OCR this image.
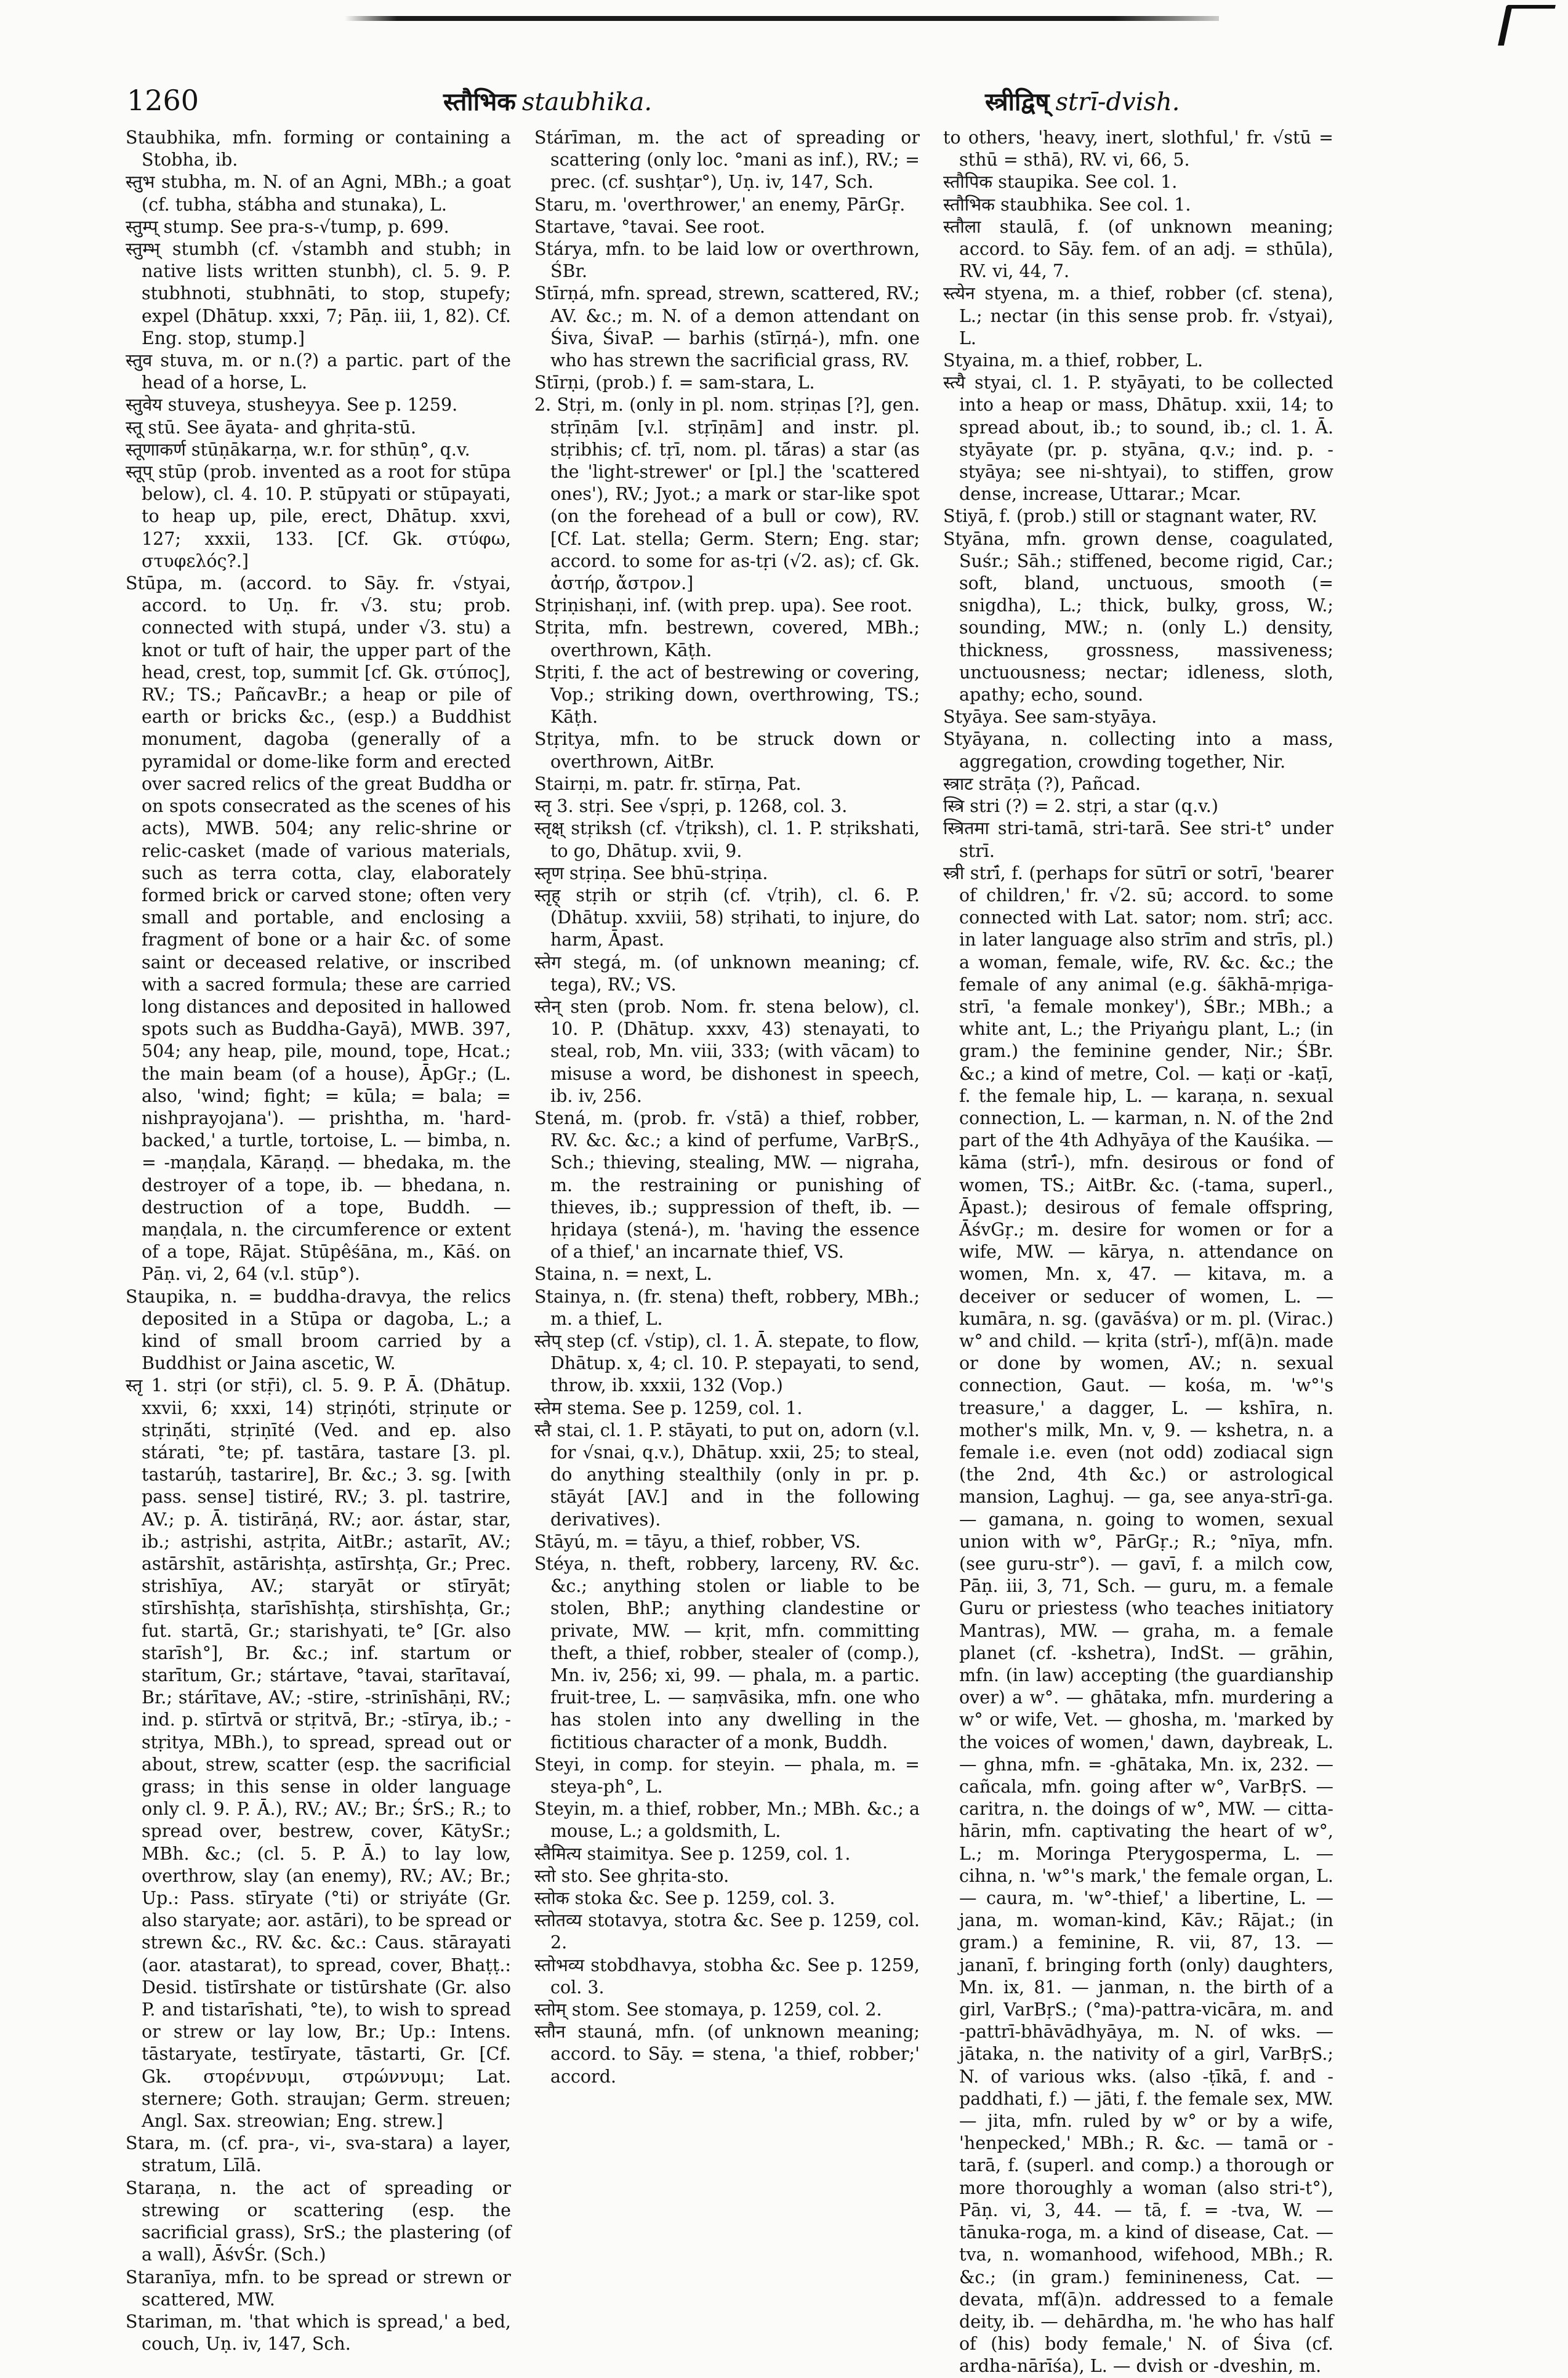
1260	स्तौभिक staubhika.	स्त्रीद्विष् strī-dvish.

Staubhika, mfn. forming or containing a Stobha, ib.

स्तुभ stubha, m. N. of an Agni, MBh.; a goat (cf. tubha, stábha and stunaka), L.

स्तुम्प् stump. See pra-s-√tump, p. 699.

स्तुम्भ् stumbh (cf. √stambh and stubh; in native lists written stunbh), cl. 5. 9. P. stubhnoti, stubhnāti, to stop, stupefy; expel (Dhātup. xxxi, 7; Pāṇ. iii, 1, 82). Cf. Eng. stop, stump.]

स्तुव stuva, m. or n.(?) a partic. part of the head of a horse, L.

स्तुवेय stuveya, stusheyya. See p. 1259.

स्तू stū. See āyata- and ghṛita-stū.

स्तूणाकर्ण stūṇākarṇa, w.r. for sthūṇ°, q.v.

स्तूप् stūp (prob. invented as a root for stūpa below), cl. 4. 10. P. stūpyati or stūpayati, to heap up, pile, erect, Dhātup. xxvi, 127; xxxii, 133. [Cf. Gk. στύφω, στυφελός?.]

Stūpa, m. (accord. to Sāy. fr. √styai, accord. to Uṇ. fr. √3. stu; prob. connected with stupá, under √3. stu) a knot or tuft of hair, the upper part of the head, crest, top, summit [cf. Gk. στύπος], RV.; TS.; PañcavBr.; a heap or pile of earth or bricks &c., (esp.) a Buddhist monument, dagoba (generally of a pyramidal or dome-like form and erected over sacred relics of the great Buddha or on spots consecrated as the scenes of his acts), MWB. 504; any relic-shrine or relic-casket (made of various materials, such as terra cotta, clay, elaborately formed brick or carved stone; often very small and portable, and enclosing a fragment of bone or a hair &c. of some saint or deceased relative, or inscribed with a sacred formula; these are carried long distances and deposited in hallowed spots such as Buddha-Gayā), MWB. 397, 504; any heap, pile, mound, tope, Hcat.; the main beam (of a house), ĀpGṛ.; (L. also, 'wind; fight; = kūla; = bala; = nishprayojana'). — prishtha, m. 'hard-backed,' a turtle, tortoise, L. — bimba, n. = -maṇḍala, Kāraṇḍ. — bhedaka, m. the destroyer of a tope, ib. — bhedana, n. destruction of a tope, Buddh. — maṇḍala, n. the circumference or extent of a tope, Rājat. Stūpêśāna, m., Kāś. on Pāṇ. vi, 2, 64 (v.l. stūp°).

Staupika, n. = buddha-dravya, the relics deposited in a Stūpa or dagoba, L.; a kind of small broom carried by a Buddhist or Jaina ascetic, W.

स्तृ 1. stṛi (or stṝi), cl. 5. 9. P. Ā. (Dhātup. xxvii, 6; xxxi, 14) stṛiṇóti, stṛiṇute or stṛiṇā́ti, stṛiṇīté (Ved. and ep. also stárati, °te; pf. tastāra, tastare [3. pl. tastarúḥ, tastarire], Br. &c.; 3. sg. [with pass. sense] tistiré, RV.; 3. pl. tastrire, AV.; p. Ā. tistirāṇá, RV.; aor. ástar, star, ib.; astṛishi, astṛita, AitBr.; astarīt, AV.; astārshīt, astārishṭa, astīrshṭa, Gr.; Prec. strishīya, AV.; staryāt or stīryāt; stīrshīshṭa, starīshīshṭa, stirshīshṭa, Gr.; fut. startā, Gr.; starishyati, te° [Gr. also starīsh°], Br. &c.; inf. startum or starītum, Gr.; stártave, °tavai, starītavaí, Br.; stárītave, AV.; -stire, -strinīshāṇi, RV.; ind. p. stīrtvā or stṛitvā, Br.; -stīrya, ib.; -stṛitya, MBh.), to spread, spread out or about, strew, scatter (esp. the sacrificial grass; in this sense in older language only cl. 9. P. Ā.), RV.; AV.; Br.; ŚrS.; R.; to spread over, bestrew, cover, KātySr.; MBh. &c.; (cl. 5. P. Ā.) to lay low, overthrow, slay (an enemy), RV.; AV.; Br.; Up.: Pass. stīryate (°ti) or striyáte (Gr. also staryate; aor. astāri), to be spread or strewn &c., RV. &c. &c.: Caus. stārayati (aor. atastarat), to spread, cover, Bhaṭṭ.: Desid. tistīrshate or tistūrshate (Gr. also P. and tistarīshati, °te), to wish to spread or strew or lay low, Br.; Up.: Intens. tāstaryate, testīryate, tāstarti, Gr. [Cf. Gk. στορέννυμι, στρώννυμι; Lat. sternere; Goth. straujan; Germ. streuen; Angl. Sax. streowian; Eng. strew.]

Stara, m. (cf. pra-, vi-, sva-stara) a layer, stratum, Līlā.

Staraṇa, n. the act of spreading or strewing or scattering (esp. the sacrificial grass), SrS.; the plastering (of a wall), ĀśvŚr. (Sch.)

Staranīya, mfn. to be spread or strewn or scattered, MW.

Stariman, m. 'that which is spread,' a bed, couch, Uṇ. iv, 147, Sch.

Stárīman, m. the act of spreading or scattering (only loc. °mani as inf.), RV.; = prec. (cf. sushṭar°), Uṇ. iv, 147, Sch.

Staru, m. 'overthrower,' an enemy, PārGṛ.

Startave, °tavai. See root.

Stárya, mfn. to be laid low or overthrown, ŚBr.

Stīrṇá, mfn. spread, strewn, scattered, RV.; AV. &c.; m. N. of a demon attendant on Śiva, ŚivaP. — barhis (stīrṇá-), mfn. one who has strewn the sacrificial grass, RV.

Stīrṇi, (prob.) f. = sam-stara, L.

2. Stṛi, m. (only in pl. nom. stṛiṇas [?], gen. stṛīṇām [v.l. stṛīṇām] and instr. pl. stṛibhis; cf. tṛī, nom. pl. tā́ras) a star (as the 'light-strewer' or [pl.] the 'scattered ones'), RV.; Jyot.; a mark or star-like spot (on the forehead of a bull or cow), RV. [Cf. Lat. stella; Germ. Stern; Eng. star; accord. to some for as-tṛi (√2. as); cf. Gk. ἀστήρ, ἄστρον.]

Stṛiṇishaṇi, inf. (with prep. upa). See root.

Stṛita, mfn. bestrewn, covered, MBh.; overthrown, Kāṭh.

Stṛiti, f. the act of bestrewing or covering, Vop.; striking down, overthrowing, TS.; Kāṭh.

Stṛitya, mfn. to be struck down or overthrown, AitBr.

Stairṇi, m. patr. fr. stīrṇa, Pat.

स्तृ 3. stṛi. See √spṛi, p. 1268, col. 3.

स्तृक्ष् stṛiksh (cf. √tṛiksh), cl. 1. P. stṛikshati, to go, Dhātup. xvii, 9.

स्तृण stṛiṇa. See bhū-stṛiṇa.

स्तृह् stṛih or stṛih (cf. √tṛih), cl. 6. P. (Dhātup. xxviii, 58) stṛihati, to injure, do harm, Āpast.

स्तेग stegá, m. (of unknown meaning; cf. tega), RV.; VS.

स्तेन् sten (prob. Nom. fr. stena below), cl. 10. P. (Dhātup. xxxv, 43) stenayati, to steal, rob, Mn. viii, 333; (with vācam) to misuse a word, be dishonest in speech, ib. iv, 256.

Stená, m. (prob. fr. √stā) a thief, robber, RV. &c. &c.; a kind of perfume, VarBṛS., Sch.; thieving, stealing, MW. — nigraha, m. the restraining or punishing of thieves, ib.; suppression of theft, ib. — hṛidaya (stená-), m. 'having the essence of a thief,' an incarnate thief, VS.

Staina, n. = next, L.

Stainya, n. (fr. stena) theft, robbery, MBh.; m. a thief, L.

स्तेप् step (cf. √stip), cl. 1. Ā. stepate, to flow, Dhātup. x, 4; cl. 10. P. stepayati, to send, throw, ib. xxxii, 132 (Vop.)

स्तेम stema. See p. 1259, col. 1.

स्तै stai, cl. 1. P. stāyati, to put on, adorn (v.l. for √snai, q.v.), Dhātup. xxii, 25; to steal, do anything stealthily (only in pr. p. stāyát [AV.] and in the following derivatives).

Stāyú, m. = tāyu, a thief, robber, VS.

Stéya, n. theft, robbery, larceny, RV. &c. &c.; anything stolen or liable to be stolen, BhP.; anything clandestine or private, MW. — kṛit, mfn. committing theft, a thief, robber, stealer of (comp.), Mn. iv, 256; xi, 99. — phala, m. a partic. fruit-tree, L. — saṃvāsika, mfn. one who has stolen into any dwelling in the fictitious character of a monk, Buddh.

Steyi, in comp. for steyin. — phala, m. = steya-ph°, L.

Steyin, m. a thief, robber, Mn.; MBh. &c.; a mouse, L.; a goldsmith, L.

स्तैमित्य staimitya. See p. 1259, col. 1.

स्तो sto. See ghṛita-sto.

स्तोक stoka &c. See p. 1259, col. 3.

स्तोतव्य stotavya, stotra &c. See p. 1259, col. 2.

स्तोभव्य stobdhavya, stobha &c. See p. 1259, col. 3.

स्तोम् stom. See stomaya, p. 1259, col. 2.

स्तौन stauná, mfn. (of unknown meaning; accord. to Sāy. = stena, 'a thief, robber;' accord.

to others, 'heavy, inert, slothful,' fr. √stū = sthū = sthā), RV. vi, 66, 5.

स्तौपिक staupika. See col. 1.

स्तौभिक staubhika. See col. 1.

स्तौला staulā, f. (of unknown meaning; accord. to Sāy. fem. of an adj. = sthūla), RV. vi, 44, 7.

स्त्येन styena, m. a thief, robber (cf. stena), L.; nectar (in this sense prob. fr. √styai), L.

Styaina, m. a thief, robber, L.

स्त्यै styai, cl. 1. P. styāyati, to be collected into a heap or mass, Dhātup. xxii, 14; to spread about, ib.; to sound, ib.; cl. 1. Ā. styāyate (pr. p. styāna, q.v.; ind. p. -styāya; see ni-shtyai), to stiffen, grow dense, increase, Uttarar.; Mcar.

Stiyā, f. (prob.) still or stagnant water, RV.

Styāna, mfn. grown dense, coagulated, Suśr.; Sāh.; stiffened, become rigid, Car.; soft, bland, unctuous, smooth (= snigdha), L.; thick, bulky, gross, W.; sounding, MW.; n. (only L.) density, thickness, grossness, massiveness; unctuousness; nectar; idleness, sloth, apathy; echo, sound.

Styāya. See sam-styāya.

Styāyana, n. collecting into a mass, aggregation, crowding together, Nir.

स्त्राट strāṭa (?), Pañcad.

स्त्रि stri (?) = 2. stṛi, a star (q.v.)

स्त्रितमा stri-tamā, stri-tarā. See stri-t° under strī.

स्त्री strī́, f. (perhaps for sūtrī or sotrī, 'bearer of children,' fr. √2. sū; accord. to some connected with Lat. sator; nom. strī́; acc. in later language also strīm and strīs, pl.) a woman, female, wife, RV. &c. &c.; the female of any animal (e.g. śākhā-mṛiga-strī, 'a female monkey'), ŚBr.; MBh.; a white ant, L.; the Priyaṅgu plant, L.; (in gram.) the feminine gender, Nir.; ŚBr. &c.; a kind of metre, Col. — kaṭi or -kaṭī, f. the female hip, L. — karaṇa, n. sexual connection, L. — karman, n. N. of the 2nd part of the 4th Adhyāya of the Kauśika. — kāma (strī́-), mfn. desirous or fond of women, TS.; AitBr. &c. (-tama, superl., Āpast.); desirous of female offspring, ĀśvGṛ.; m. desire for women or for a wife, MW. — kārya, n. attendance on women, Mn. x, 47. — kitava, m. a deceiver or seducer of women, L. — kumāra, n. sg. (gavāśva) or m. pl. (Virac.) w° and child. — kṛita (strī́-), mf(ā)n. made or done by women, AV.; n. sexual connection, Gaut. — kośa, m. 'w°'s treasure,' a dagger, L. — kshīra, n. mother's milk, Mn. v, 9. — kshetra, n. a female i.e. even (not odd) zodiacal sign (the 2nd, 4th &c.) or astrological mansion, Laghuj. — ga, see anya-strī-ga. — gamana, n. going to women, sexual union with w°, PārGṛ.; R.; °nīya, mfn. (see guru-str°). — gavī, f. a milch cow, Pāṇ. iii, 3, 71, Sch. — guru, m. a female Guru or priestess (who teaches initiatory Mantras), MW. — graha, m. a female planet (cf. -kshetra), IndSt. — grāhin, mfn. (in law) accepting (the guardianship over) a w°. — ghātaka, mfn. murdering a w° or wife, Vet. — ghosha, m. 'marked by the voices of women,' dawn, daybreak, L. — ghna, mfn. = -ghātaka, Mn. ix, 232. — cañcala, mfn. going after w°, VarBṛS. — caritra, n. the doings of w°, MW. — citta-hārin, mfn. captivating the heart of w°, L.; m. Moringa Pterygosperma, L. — cihna, n. 'w°'s mark,' the female organ, L. — caura, m. 'w°-thief,' a libertine, L. — jana, m. woman-kind, Kāv.; Rājat.; (in gram.) a feminine, R. vii, 87, 13. — jananī, f. bringing forth (only) daughters, Mn. ix, 81. — janman, n. the birth of a girl, VarBṛS.; (°ma)-pattra-vicāra, m. and -pattrī-bhāvādhyāya, m. N. of wks. — jātaka, n. the nativity of a girl, VarBṛS.; N. of various wks. (also -ṭīkā, f. and -paddhati, f.) — jāti, f. the female sex, MW. — jita, mfn. ruled by w° or by a wife, 'henpecked,' MBh.; R. &c. — tamā or -tarā, f. (superl. and comp.) a thorough or more thoroughly a woman (also stri-t°), Pāṇ. vi, 3, 44. — tā, f. = -tva, W. — tānuka-roga, m. a kind of disease, Cat. — tva, n. womanhood, wifehood, MBh.; R. &c.; (in gram.) feminineness, Cat. — devata, mf(ā)n. addressed to a female deity, ib. — dehārdha, m. 'he who has half of (his) body female,' N. of Śiva (cf. ardha-nārīśa), L. — dvish or -dveshin, m.
